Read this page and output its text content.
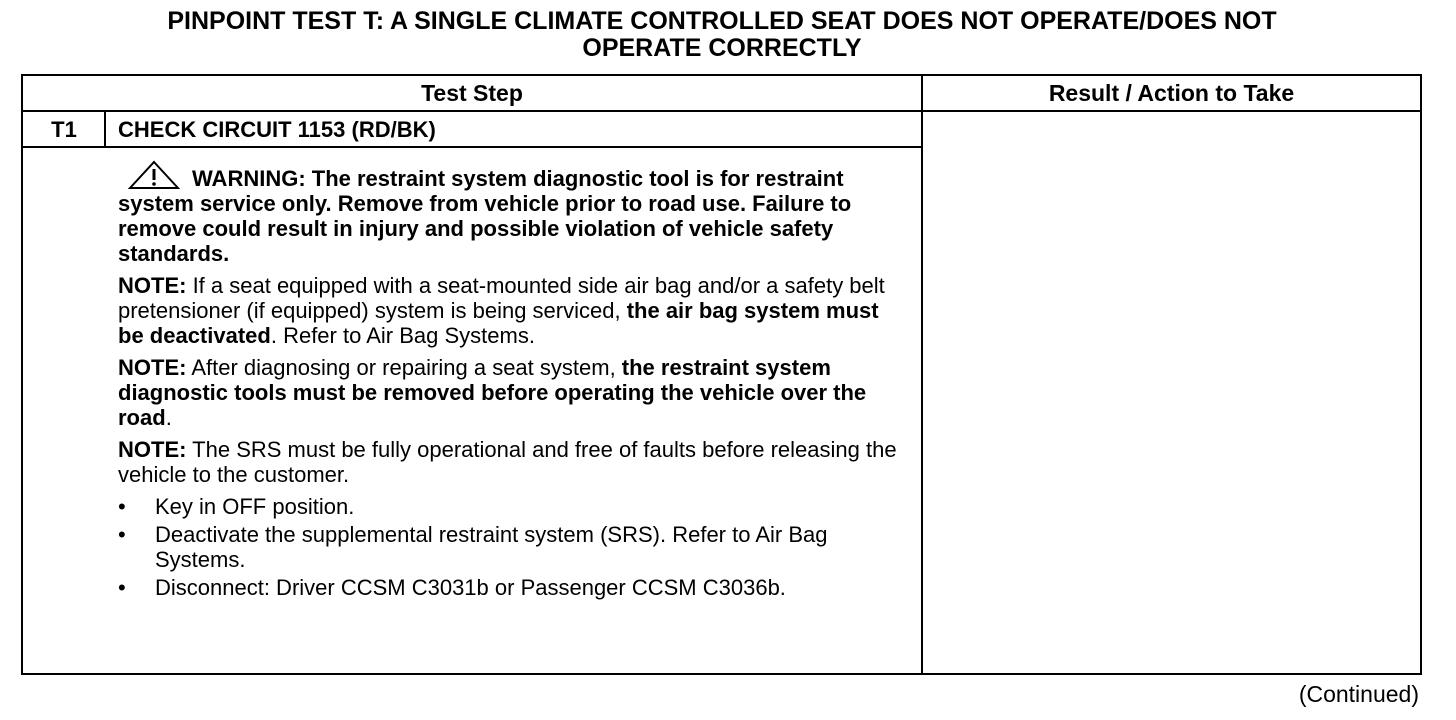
PINPOINT TEST T: A SINGLE CLIMATE CONTROLLED SEAT DOES NOT OPERATE/DOES NOT
OPERATE CORRECTLY
Test Step	Result / Action to Take
T1	CHECK CIRCUIT 1153 (RD/BK)

WARNING: The restraint system diagnostic tool is for restraint system service only. Remove from vehicle prior to road use. Failure to remove could result in injury and possible violation of vehicle safety standards.

NOTE: If a seat equipped with a seat-mounted side air bag and/or a safety belt pretensioner (if equipped) system is being serviced, the air bag system must be deactivated. Refer to Air Bag Systems.

NOTE: After diagnosing or repairing a seat system, the restraint system diagnostic tools must be removed before operating the vehicle over the road.

NOTE: The SRS must be fully operational and free of faults before releasing the vehicle to the customer.

• Key in OFF position.
• Deactivate the supplemental restraint system (SRS). Refer to Air Bag Systems.
• Disconnect: Driver CCSM C3031b or Passenger CCSM C3036b.
(Continued)
